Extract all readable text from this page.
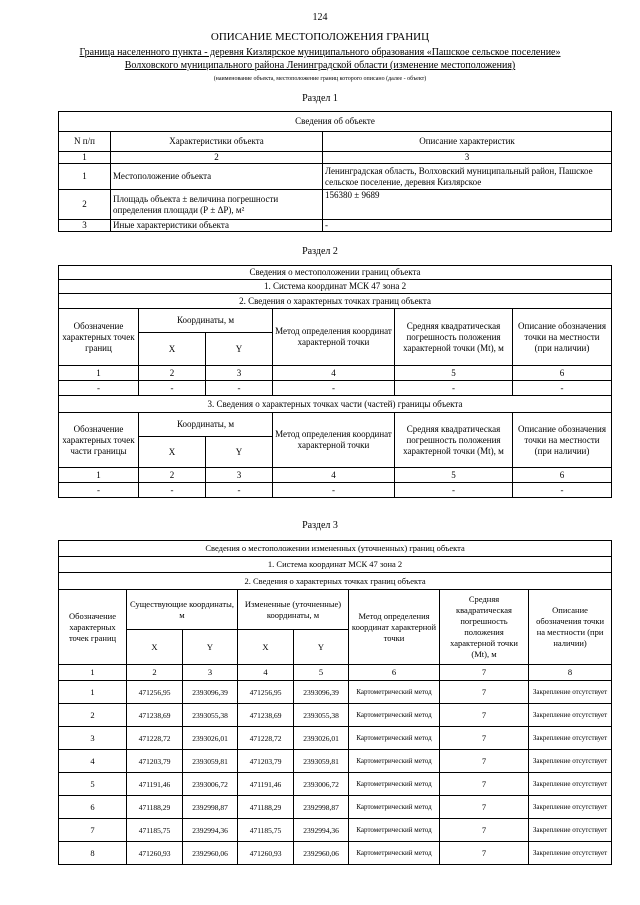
124
ОПИСАНИЕ МЕСТОПОЛОЖЕНИЯ ГРАНИЦ
Граница населенного пункта - деревня Кизлярское муниципального образования «Пашское сельское поселение»
Волховского муниципального района Ленинградской области (изменение местоположения)
(наименование объекта, местоположение границ которого описано (далее - объект)
Раздел 1
Сведения об объекте		
N п/п	Характеристики объекта	Описание характеристик
1	2	3
1	Местоположение объекта	Ленинградская область, Волховский муниципальный район, Пашское сельское поселение, деревня Кизлярское
2	Площадь объекта ± величина погрешности определения площади (Р ± ΔР), м²	156380 ± 9689
3	Иные характеристики объекта	-
Раздел 2
Сведения о местоположении границ объекта					
1. Система координат МСК 47 зона 2					
2. Сведения о характерных точках границ объекта					
Обозначение характерных точек границ	Координаты, м		Метод определения координат характерной точки	Средняя квадратическая погрешность положения характерной точки (Mt), м	Описание обозначения точки на местности (при наличии)
	X	Y			
1	2	3	4	5	6
-	-	-	-	-	-
3. Сведения о характерных точках части (частей) границы объекта					
Обозначение характерных точек части границы	Координаты, м		Метод определения координат характерной точки	Средняя квадратическая погрешность положения характерной точки (Mt), м	Описание обозначения точки на местности (при наличии)
	X	Y			
1	2	3	4	5	6
-	-	-	-	-	-
Раздел 3
Сведения о местоположении измененных (уточненных) границ объекта							
1. Система координат МСК 47 зона 2							
2. Сведения о характерных точках границ объекта							
Обозначение характерных точек границ	Существующие координаты, м		Измененные (уточненные) координаты, м		Метод определения координат характерной точки	Средняя квадратическая погрешность положения характерной точки (Mt), м	Описание обозначения точки на местности (при наличии)
	X	Y	X	Y			
1	2	3	4	5	6	7	8
1	471256,95	2393096,39	471256,95	2393096,39	Картометрический метод	7	Закрепление отсутствует
2	471238,69	2393055,38	471238,69	2393055,38	Картометрический метод	7	Закрепление отсутствует
3	471228,72	2393026,01	471228,72	2393026,01	Картометрический метод	7	Закрепление отсутствует
4	471203,79	2393059,81	471203,79	2393059,81	Картометрический метод	7	Закрепление отсутствует
5	471191,46	2393006,72	471191,46	2393006,72	Картометрический метод	7	Закрепление отсутствует
6	471188,29	2392998,87	471188,29	2392998,87	Картометрический метод	7	Закрепление отсутствует
7	471185,75	2392994,36	471185,75	2392994,36	Картометрический метод	7	Закрепление отсутствует
8	471260,93	2392960,06	471260,93	2392960,06	Картометрический метод	7	Закрепление отсутствует
